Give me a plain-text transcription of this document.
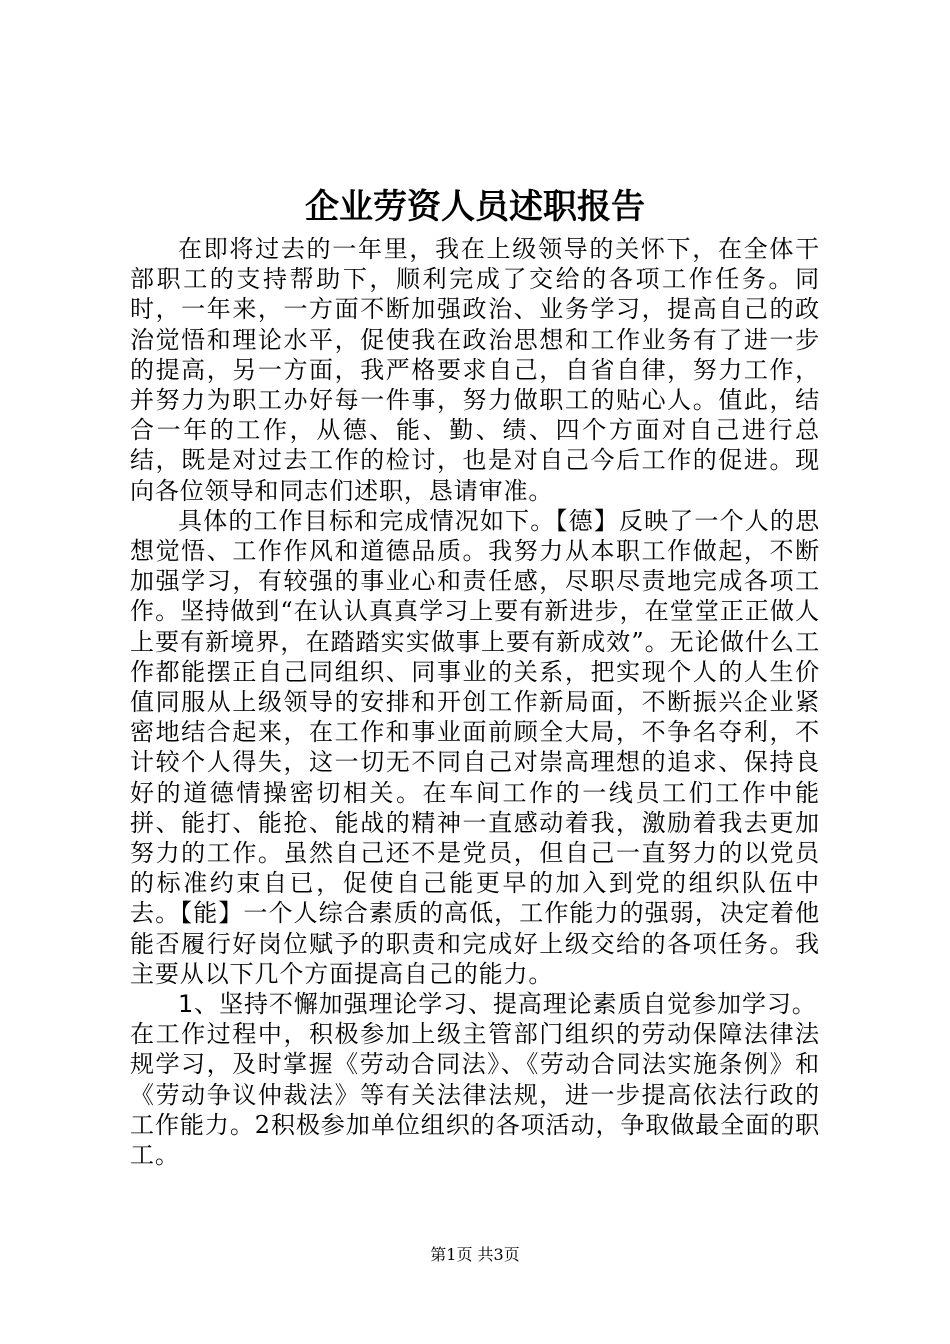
企业劳资人员述职报告

在即将过去的一年里，我在上级领导的关怀下，在全体干部职工的支持帮助下，顺利完成了交给的各项工作任务。同时，一年来，一方面不断加强政治、业务学习，提高自己的政治觉悟和理论水平，促使我在政治思想和工作业务有了进一步的提高，另一方面，我严格要求自己，自省自律，努力工作，并努力为职工办好每一件事，努力做职工的贴心人。值此，结合一年的工作，从德、能、勤、绩、四个方面对自己进行总结，既是对过去工作的检讨，也是对自己今后工作的促进。现向各位领导和同志们述职，恳请审准。

具体的工作目标和完成情况如下。【德】反映了一个人的思想觉悟、工作作风和道德品质。我努力从本职工作做起，不断加强学习，有较强的事业心和责任感，尽职尽责地完成各项工作。坚持做到“在认认真真学习上要有新进步，在堂堂正正做人上要有新境界，在踏踏实实做事上要有新成效”。无论做什么工作都能摆正自己同组织、同事业的关系，把实现个人的人生价值同服从上级领导的安排和开创工作新局面，不断振兴企业紧密地结合起来，在工作和事业面前顾全大局，不争名夺利，不计较个人得失，这一切无不同自己对崇高理想的追求、保持良好的道德情操密切相关。在车间工作的一线员工们工作中能拼、能打、能抢、能战的精神一直感动着我，激励着我去更加努力的工作。虽然自己还不是党员，但自己一直努力的以党员的标准约束自已，促使自己能更早的加入到党的组织队伍中去。【能】一个人综合素质的高低，工作能力的强弱，决定着他能否履行好岗位赋予的职责和完成好上级交给的各项任务。我主要从以下几个方面提高自己的能力。

1、坚持不懈加强理论学习、提高理论素质自觉参加学习。

在工作过程中，积极参加上级主管部门组织的劳动保障法律法规学习，及时掌握《劳动合同法》、《劳动合同法实施条例》和《劳动争议仲裁法》等有关法律法规，进一步提高依法行政的工作能力。2积极参加单位组织的各项活动，争取做最全面的职工。

第1页 共3页
